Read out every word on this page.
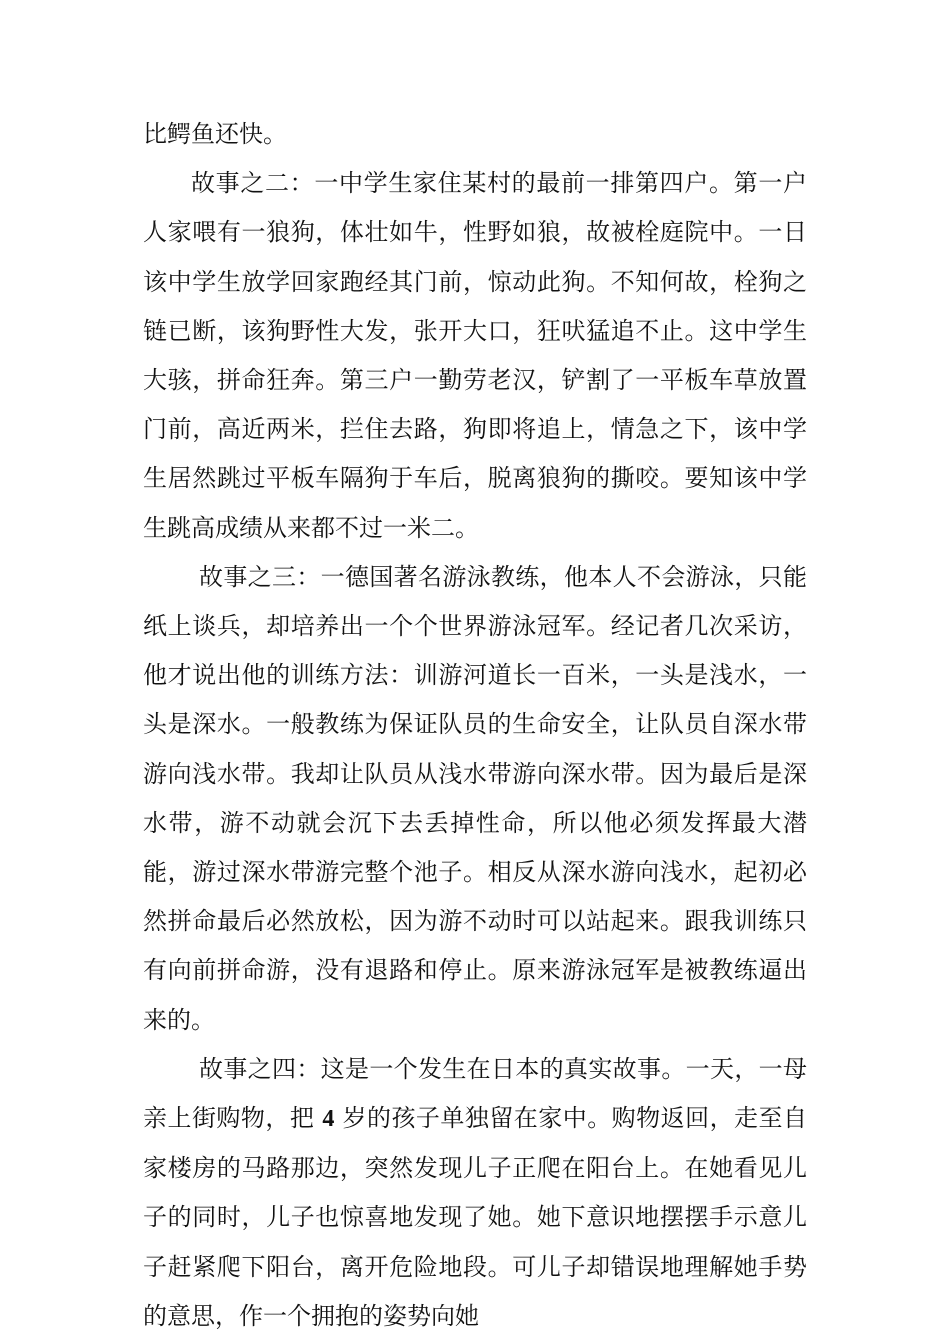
比鳄鱼还快。

故事之二：一中学生家住某村的最前一排第四户。第一户人家喂有一狼狗，体壮如牛，性野如狼，故被栓庭院中。一日该中学生放学回家跑经其门前，惊动此狗。不知何故，栓狗之链已断，该狗野性大发，张开大口，狂吠猛追不止。这中学生大骇，拼命狂奔。第三户一勤劳老汉，铲割了一平板车草放置门前，高近两米，拦住去路，狗即将追上，情急之下，该中学生居然跳过平板车隔狗于车后，脱离狼狗的撕咬。要知该中学生跳高成绩从来都不过一米二。

故事之三：一德国著名游泳教练，他本人不会游泳，只能纸上谈兵，却培养出一个个世界游泳冠军。经记者几次采访，他才说出他的训练方法：训游河道长一百米，一头是浅水，一头是深水。一般教练为保证队员的生命安全，让队员自深水带游向浅水带。我却让队员从浅水带游向深水带。因为最后是深水带，游不动就会沉下去丢掉性命，所以他必须发挥最大潜能，游过深水带游完整个池子。相反从深水游向浅水，起初必然拼命最后必然放松，因为游不动时可以站起来。跟我训练只有向前拼命游，没有退路和停止。原来游泳冠军是被教练逼出来的。

故事之四：这是一个发生在日本的真实故事。一天，一母亲上街购物，把 4 岁的孩子单独留在家中。购物返回，走至自家楼房的马路那边，突然发现儿子正爬在阳台上。在她看见儿子的同时，儿子也惊喜地发现了她。她下意识地摆摆手示意儿子赶紧爬下阳台，离开危险地段。可儿子却错误地理解她手势的意思，作一个拥抱的姿势向她
